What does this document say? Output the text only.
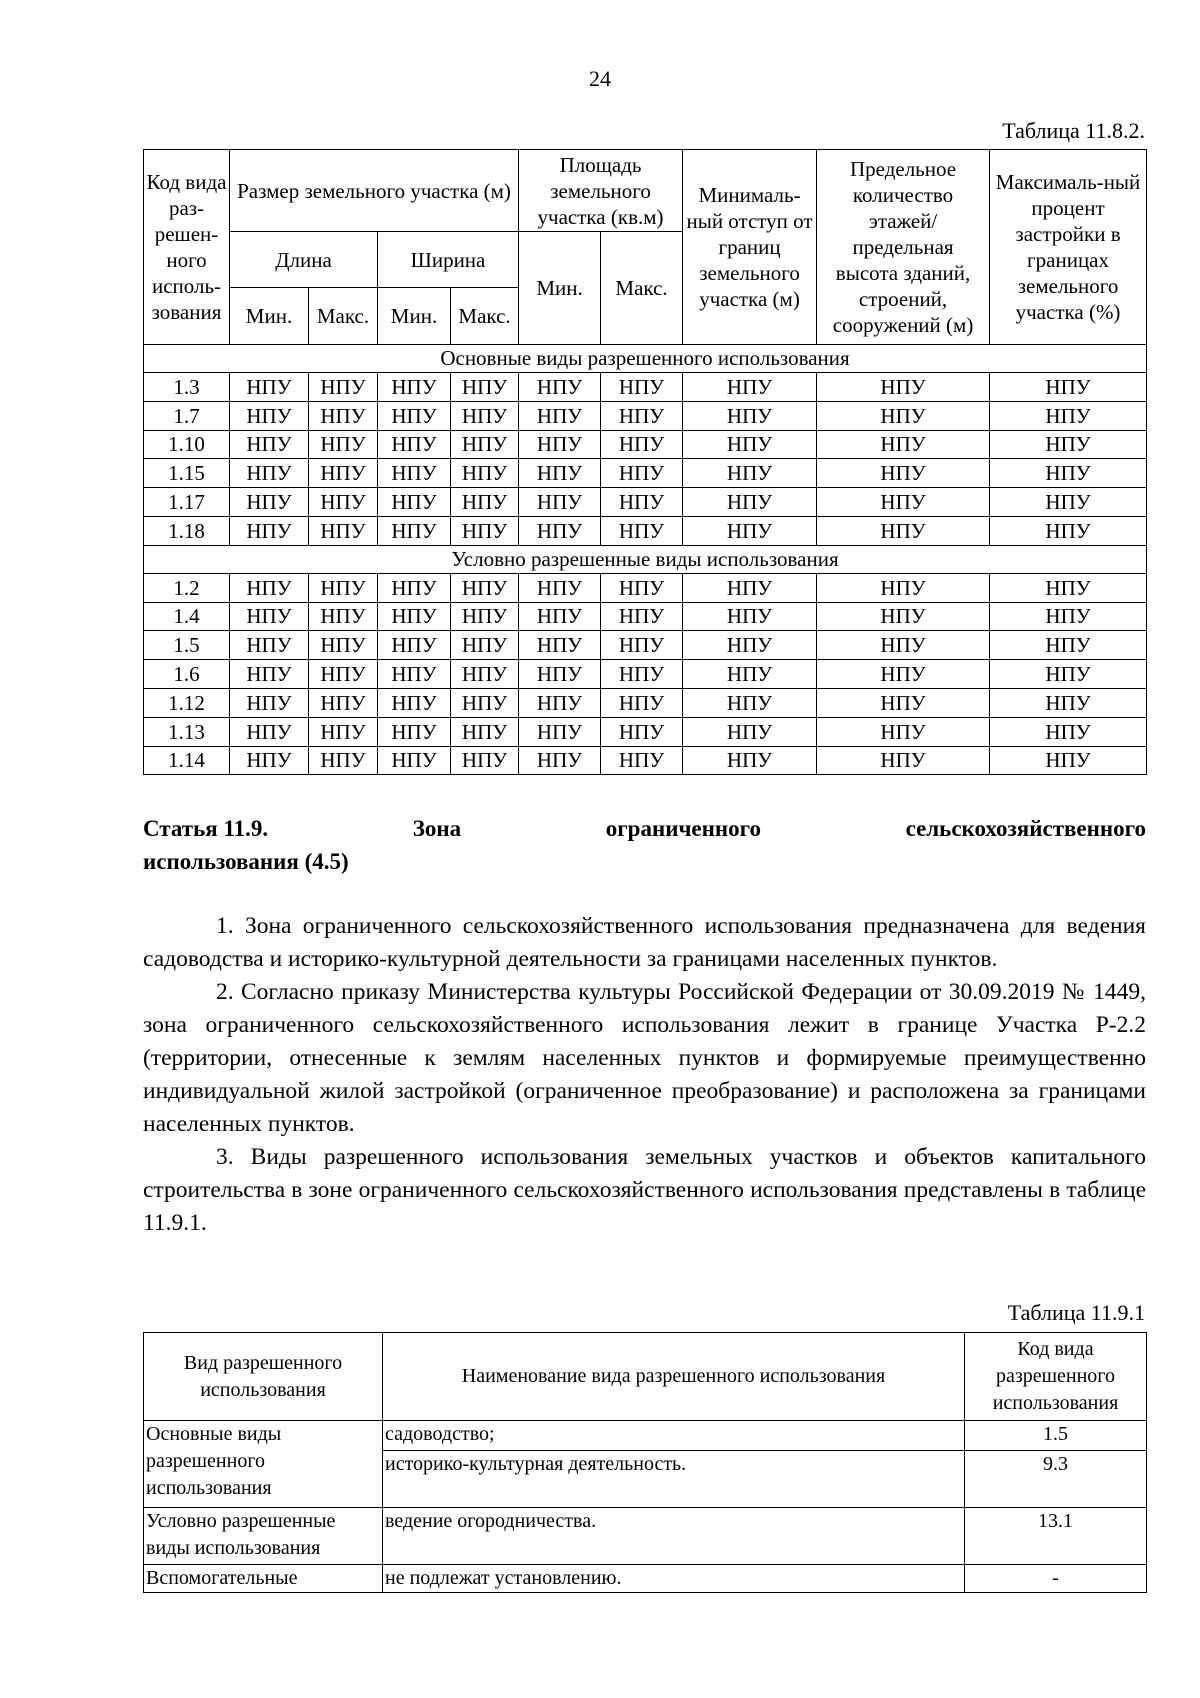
24
Таблица 11.8.2.
Код вида раз-решен-ного исполь-зования	Размер земельного участка (м)				Площадь земельного участка (кв.м)		Минималь-ный отступ от границ земельного участка (м)	Предельное количество этажей/ предельная высота зданий, строений, сооружений (м)	Максималь-ный процент застройки в границах земельного участка (%)
	Длина		Ширина		Мин.	Макс.			
	Мин.	Макс.	Мин.	Макс.					
Основные виды разрешенного использования									
1.3	НПУ	НПУ	НПУ	НПУ	НПУ	НПУ	НПУ	НПУ	НПУ
1.7	НПУ	НПУ	НПУ	НПУ	НПУ	НПУ	НПУ	НПУ	НПУ
1.10	НПУ	НПУ	НПУ	НПУ	НПУ	НПУ	НПУ	НПУ	НПУ
1.15	НПУ	НПУ	НПУ	НПУ	НПУ	НПУ	НПУ	НПУ	НПУ
1.17	НПУ	НПУ	НПУ	НПУ	НПУ	НПУ	НПУ	НПУ	НПУ
1.18	НПУ	НПУ	НПУ	НПУ	НПУ	НПУ	НПУ	НПУ	НПУ
Условно разрешенные виды использования									
1.2	НПУ	НПУ	НПУ	НПУ	НПУ	НПУ	НПУ	НПУ	НПУ
1.4	НПУ	НПУ	НПУ	НПУ	НПУ	НПУ	НПУ	НПУ	НПУ
1.5	НПУ	НПУ	НПУ	НПУ	НПУ	НПУ	НПУ	НПУ	НПУ
1.6	НПУ	НПУ	НПУ	НПУ	НПУ	НПУ	НПУ	НПУ	НПУ
1.12	НПУ	НПУ	НПУ	НПУ	НПУ	НПУ	НПУ	НПУ	НПУ
1.13	НПУ	НПУ	НПУ	НПУ	НПУ	НПУ	НПУ	НПУ	НПУ
1.14	НПУ	НПУ	НПУ	НПУ	НПУ	НПУ	НПУ	НПУ	НПУ
Статья 11.9.	Зона	ограниченного	сельскохозяйственного
использования (4.5)

1. Зона ограниченного сельскохозяйственного использования предназначена для ведения садоводства и историко-культурной деятельности за границами населенных пунктов.

2. Согласно приказу Министерства культуры Российской Федерации от 30.09.2019 № 1449, зона ограниченного сельскохозяйственного использования лежит в границе Участка Р-2.2 (территории, отнесенные к землям населенных пунктов и формируемые преимущественно индивидуальной жилой застройкой (ограниченное преобразование) и расположена за границами населенных пунктов.

3. Виды разрешенного использования земельных участков и объектов капитального строительства в зоне ограниченного сельскохозяйственного использования представлены в таблице 11.9.1.

Таблица 11.9.1
Вид разрешенного использования	Наименование вида разрешенного использования	Код вида разрешенного использования
Основные виды разрешенного использования	садоводство;	1.5
	историко-культурная деятельность.	9.3
Условно разрешенные виды использования	ведение огородничества.	13.1
Вспомогательные	не подлежат установлению.	-
